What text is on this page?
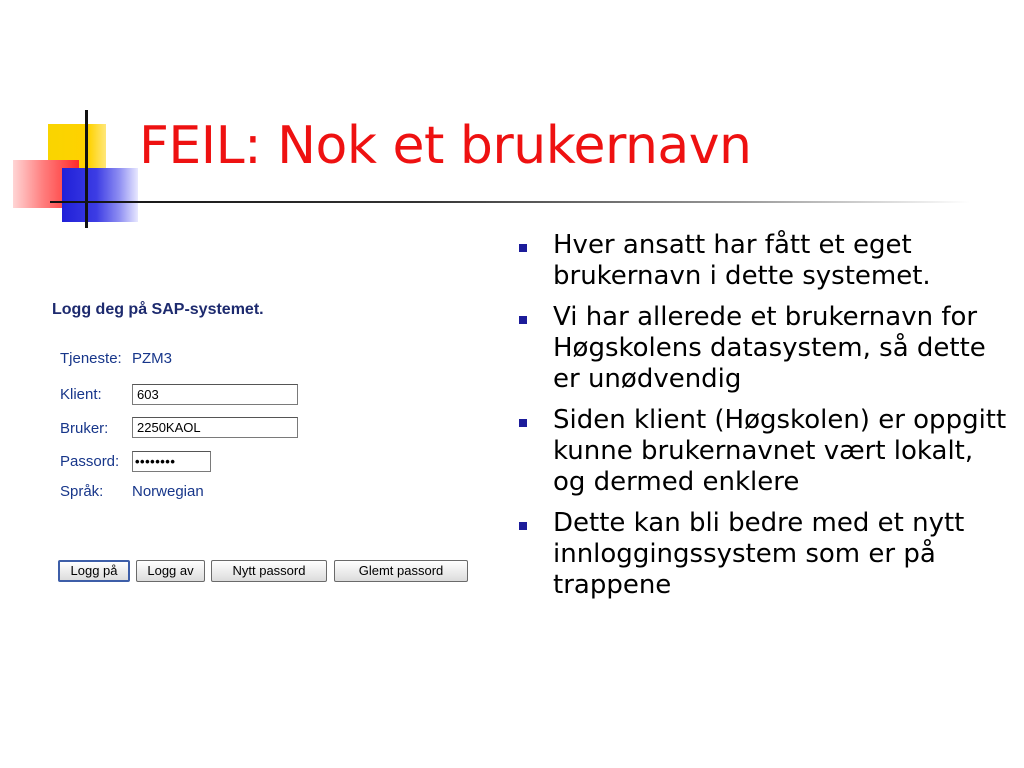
FEIL: Nok et brukernavn
Logg deg på SAP-systemet.
Tjeneste: PZM3
Klient:	603
Bruker:	2250KAOL
Passord: ••••••••
Språk: Norwegian
Logg på	Logg av	Nytt passord	Glemt passord
Hver ansatt har fått et eget brukernavn i dette systemet.
Vi har allerede et brukernavn for Høgskolens datasystem, så dette er unødvendig
Siden klient (Høgskolen) er oppgitt kunne brukernavnet vært lokalt, og dermed enklere
Dette kan bli bedre med et nytt innloggingssystem som er på trappene
